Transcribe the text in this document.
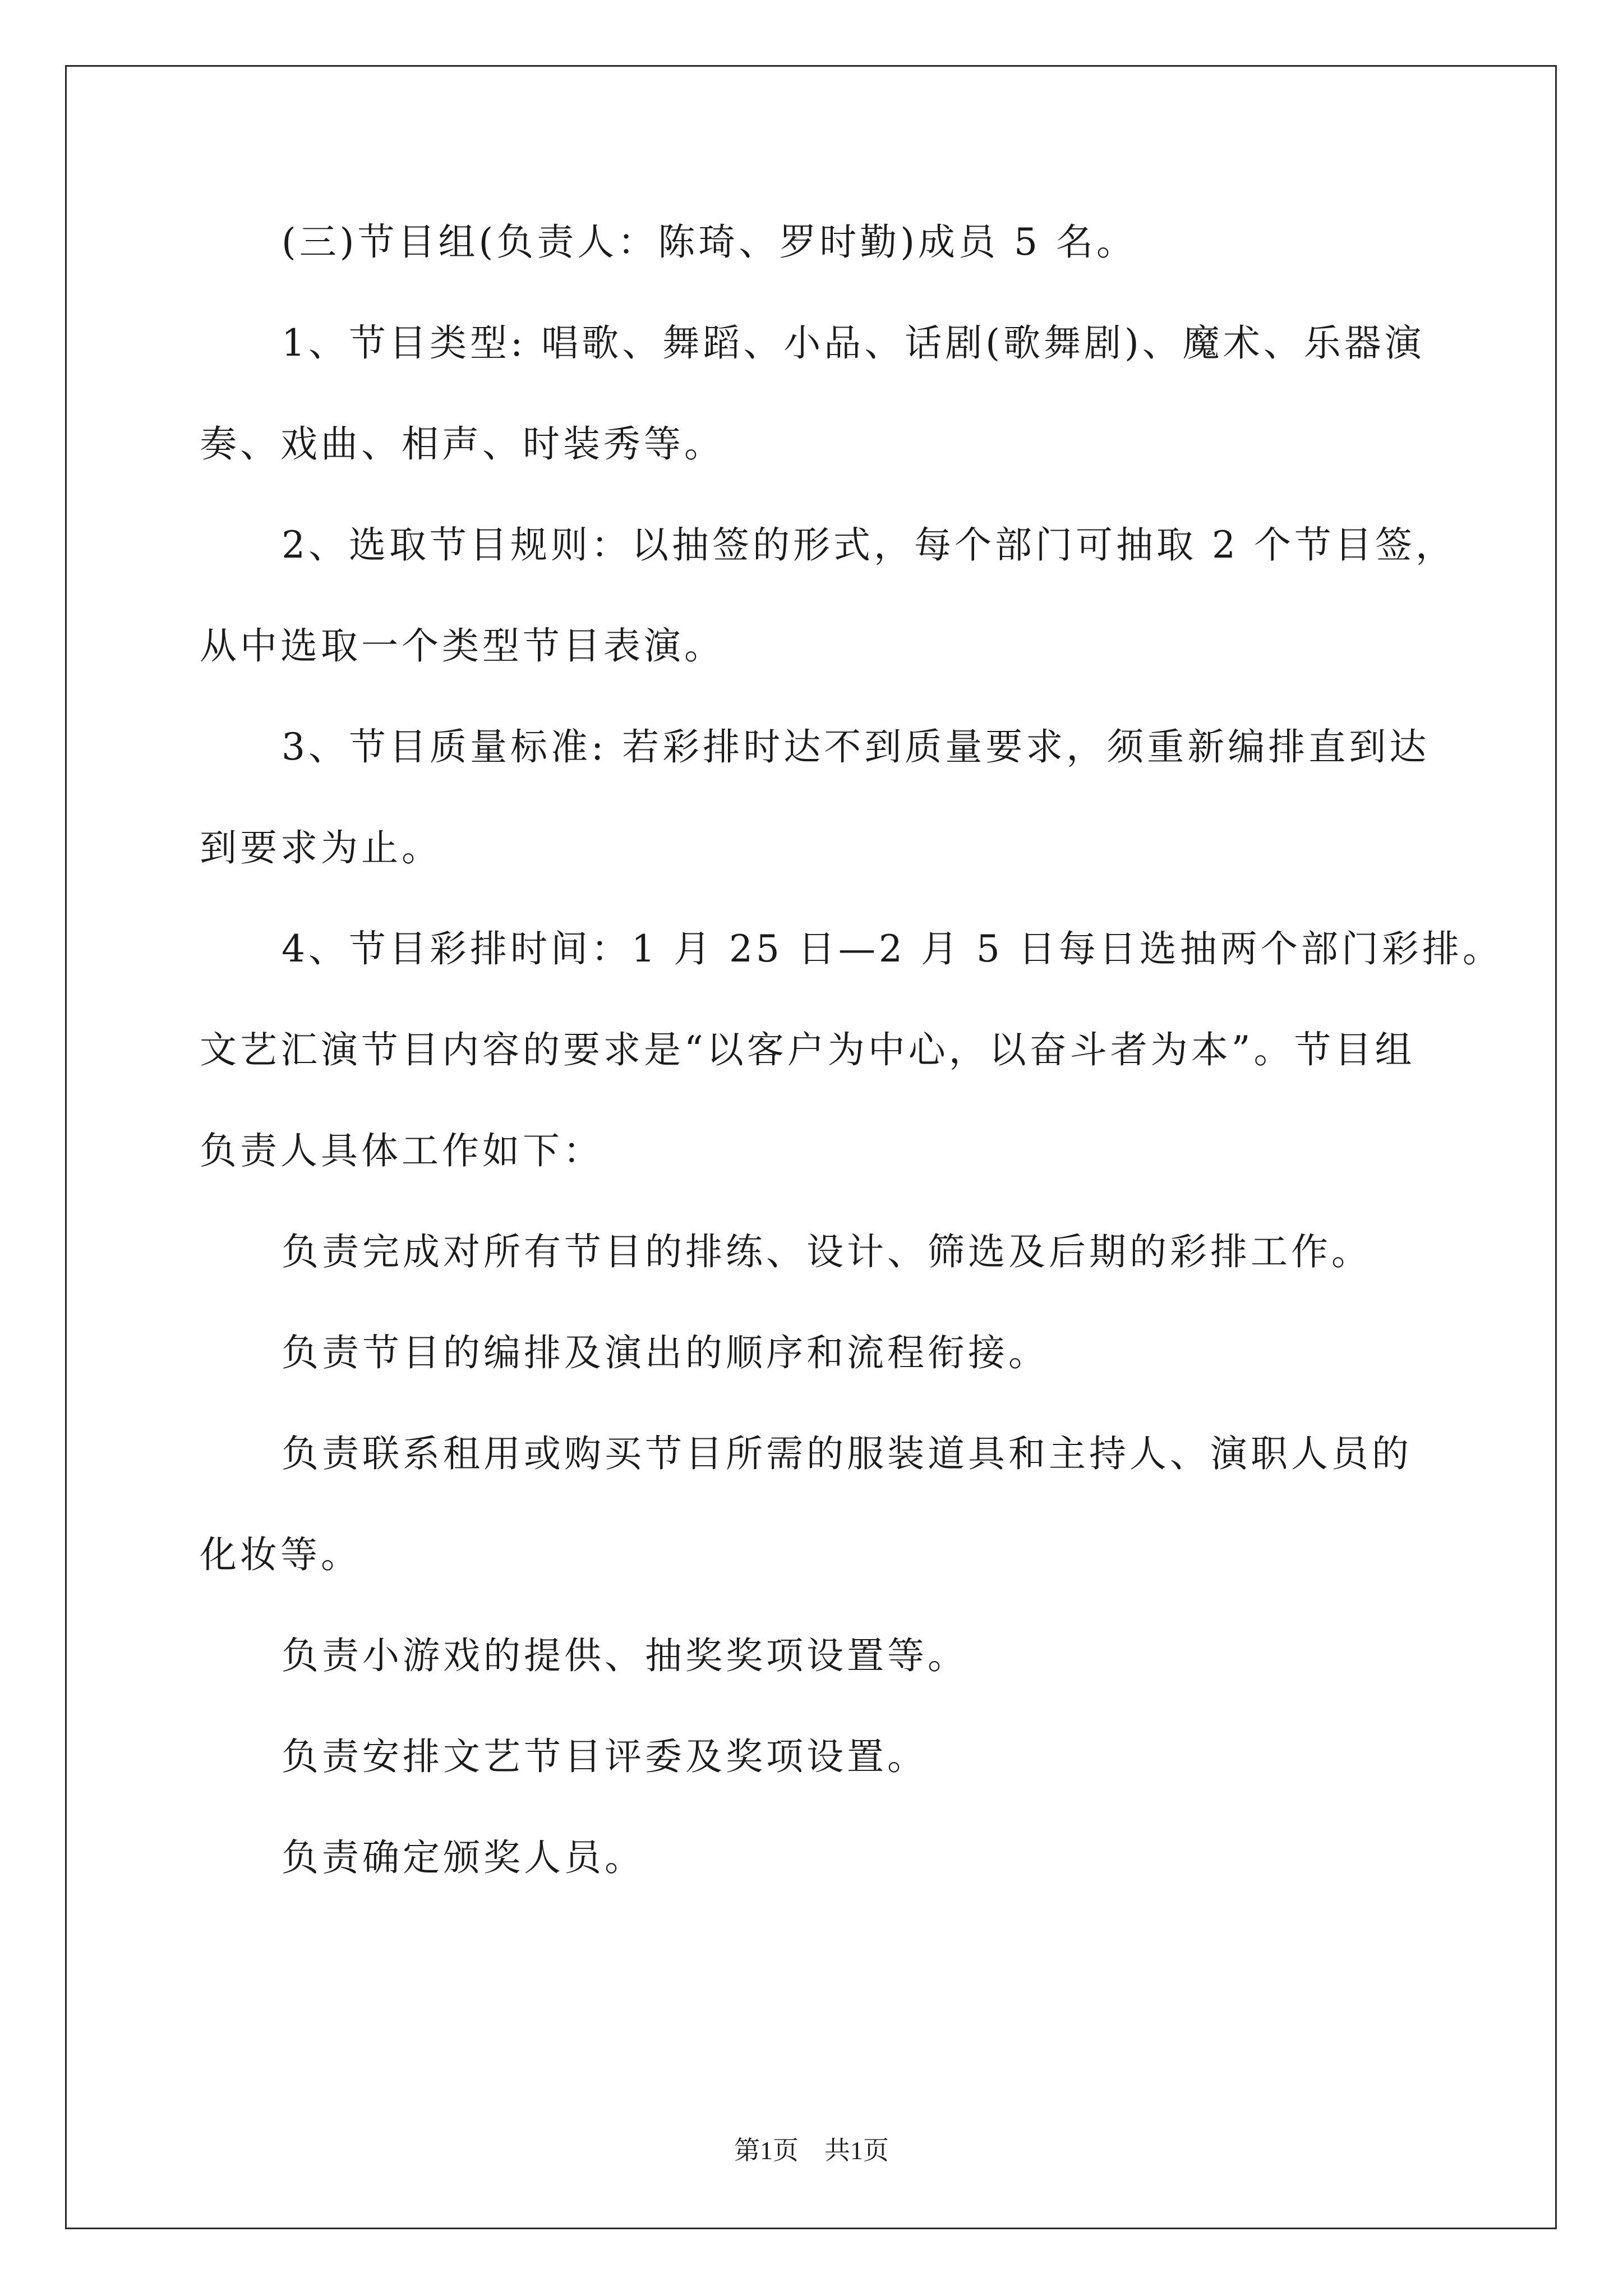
(三)节目组(负责人：陈琦、罗时勤)成员 5 名。
1、节目类型: 唱歌、舞蹈、小品、话剧(歌舞剧)、魔术、乐器演
奏、戏曲、相声、时装秀等。
2、选取节目规则：以抽签的形式，每个部门可抽取 2 个节目签，
从中选取一个类型节目表演。
3、节目质量标准: 若彩排时达不到质量要求，须重新编排直到达
到要求为止。
4、节目彩排时间：1 月 25 日—2 月 5 日每日选抽两个部门彩排。
文艺汇演节目内容的要求是“以客户为中心，以奋斗者为本”。节目组
负责人具体工作如下：
负责完成对所有节目的排练、设计、筛选及后期的彩排工作。
负责节目的编排及演出的顺序和流程衔接。
负责联系租用或购买节目所需的服装道具和主持人、演职人员的
化妆等。
负责小游戏的提供、抽奖奖项设置等。
负责安排文艺节目评委及奖项设置。
负责确定颁奖人员。
第1页　共1页
